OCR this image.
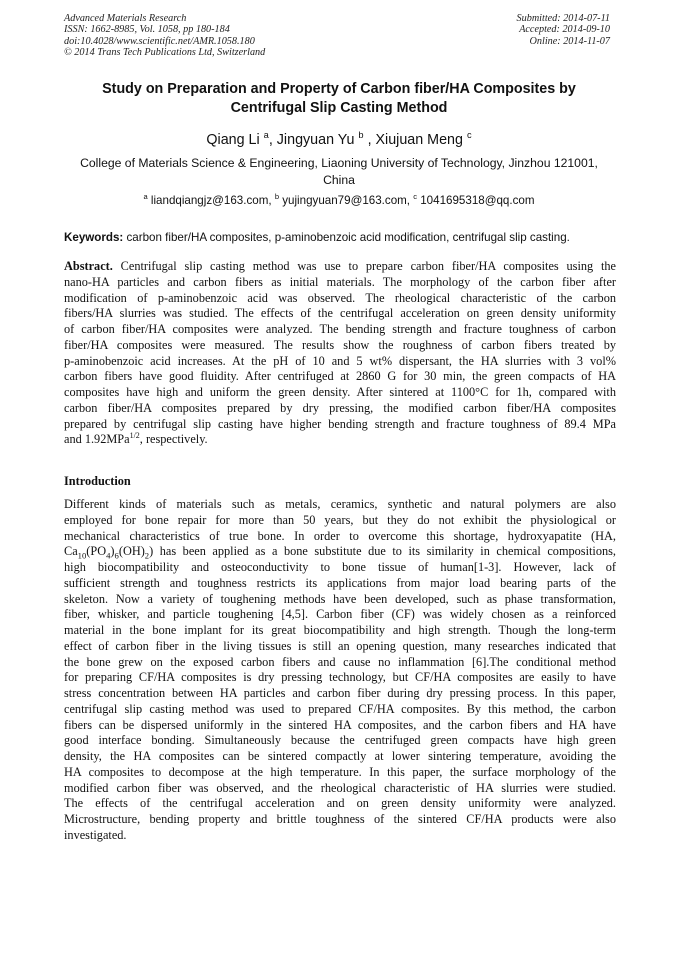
Advanced Materials Research
ISSN: 1662-8985, Vol. 1058, pp 180-184
doi:10.4028/www.scientific.net/AMR.1058.180
© 2014 Trans Tech Publications Ltd, Switzerland
Submitted: 2014-07-11
Accepted: 2014-09-10
Online: 2014-11-07
Study on Preparation and Property of Carbon fiber/HA Composites by
Centrifugal Slip Casting Method
Qiang Li $^a$, Jingyuan Yu $^b$ , Xiujuan Meng $^c$
College of Materials Science & Engineering, Liaoning University of Technology, Jinzhou 121001,
China
$^a$ liandqiangjz@163.com, $^b$ yujingyuan79@163.com, $^c$ 1041695318@qq.com
Keywords: carbon fiber/HA composites, p-aminobenzoic acid modification, centrifugal slip casting.
Abstract. Centrifugal slip casting method was use to prepare carbon fiber/HA composites using the
nano-HA particles and carbon fibers as initial materials. The morphology of the carbon fiber after
modification of p-aminobenzoic acid was observed. The rheological characteristic of the carbon
fibers/HA slurries was studied. The effects of the centrifugal acceleration on green density uniformity
of carbon fiber/HA composites were analyzed. The bending strength and fracture toughness of carbon
fiber/HA composites were measured. The results show the roughness of carbon fibers treated by
p-aminobenzoic acid increases. At the pH of 10 and 5 wt% dispersant, the HA slurries with 3 vol%
carbon fibers have good fluidity. After centrifuged at 2860 G for 30 min, the green compacts of HA
composites have high and uniform the green density. After sintered at 1100°C for 1h, compared with
carbon fiber/HA composites prepared by dry pressing, the modified carbon fiber/HA composites
prepared by centrifugal slip casting have higher bending strength and fracture toughness of 89.4 MPa
and 1.92MPa$^{1/2}$, respectively.
Introduction
Different kinds of materials such as metals, ceramics, synthetic and natural polymers are also
employed for bone repair for more than 50 years, but they do not exhibit the physiological or
mechanical characteristics of true bone. In order to overcome this shortage, hydroxyapatite (HA,
$Ca_{10}(PO_4)_6(OH)_2$) has been applied as a bone substitute due to its similarity in chemical compositions,
high biocompatibility and osteoconductivity to bone tissue of human[1-3]. However, lack of
sufficient strength and toughness restricts its applications from major load bearing parts of the
skeleton. Now a variety of toughening methods have been developed, such as phase transformation,
fiber, whisker, and particle toughening [4,5]. Carbon fiber (CF) was widely chosen as a reinforced
material in the bone implant for its great biocompatibility and high strength. Though the long-term
effect of carbon fiber in the living tissues is still an opening question, many researches indicated that
the bone grew on the exposed carbon fibers and cause no inflammation [6].The conditional method
for preparing CF/HA composites is dry pressing technology, but CF/HA composites are easily to have
stress concentration between HA particles and carbon fiber during dry pressing process. In this paper,
centrifugal slip casting method was used to prepared CF/HA composites. By this method, the carbon
fibers can be dispersed uniformly in the sintered HA composites, and the carbon fibers and HA have
good interface bonding. Simultaneously because the centrifuged green compacts have high green
density, the HA composites can be sintered compactly at lower sintering temperature, avoiding the
HA composites to decompose at the high temperature. In this paper, the surface morphology of the
modified carbon fiber was observed, and the rheological characteristic of HA slurries were studied.
The effects of the centrifugal acceleration and on green density uniformity were analyzed.
Microstructure, bending property and brittle toughness of the sintered CF/HA products were also
investigated.
